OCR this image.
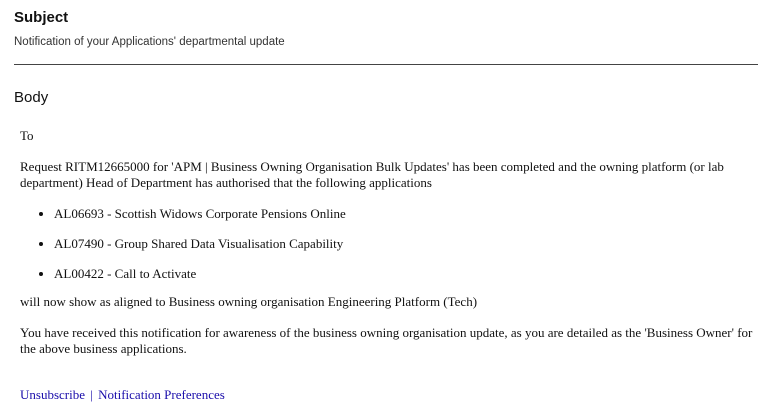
Subject

Notification of your Applications' departmental update

Body

To

Request RITM12665000 for 'APM | Business Owning Organisation Bulk Updates' has been completed and the owning platform (or lab department) Head of Department has authorised that the following applications

• AL06693 - Scottish Widows Corporate Pensions Online
• AL07490 - Group Shared Data Visualisation Capability
• AL00422 - Call to Activate

will now show as aligned to Business owning organisation Engineering Platform (Tech)

You have received this notification for awareness of the business owning organisation update, as you are detailed as the 'Business Owner' for the above business applications.

Unsubscribe | Notification Preferences
